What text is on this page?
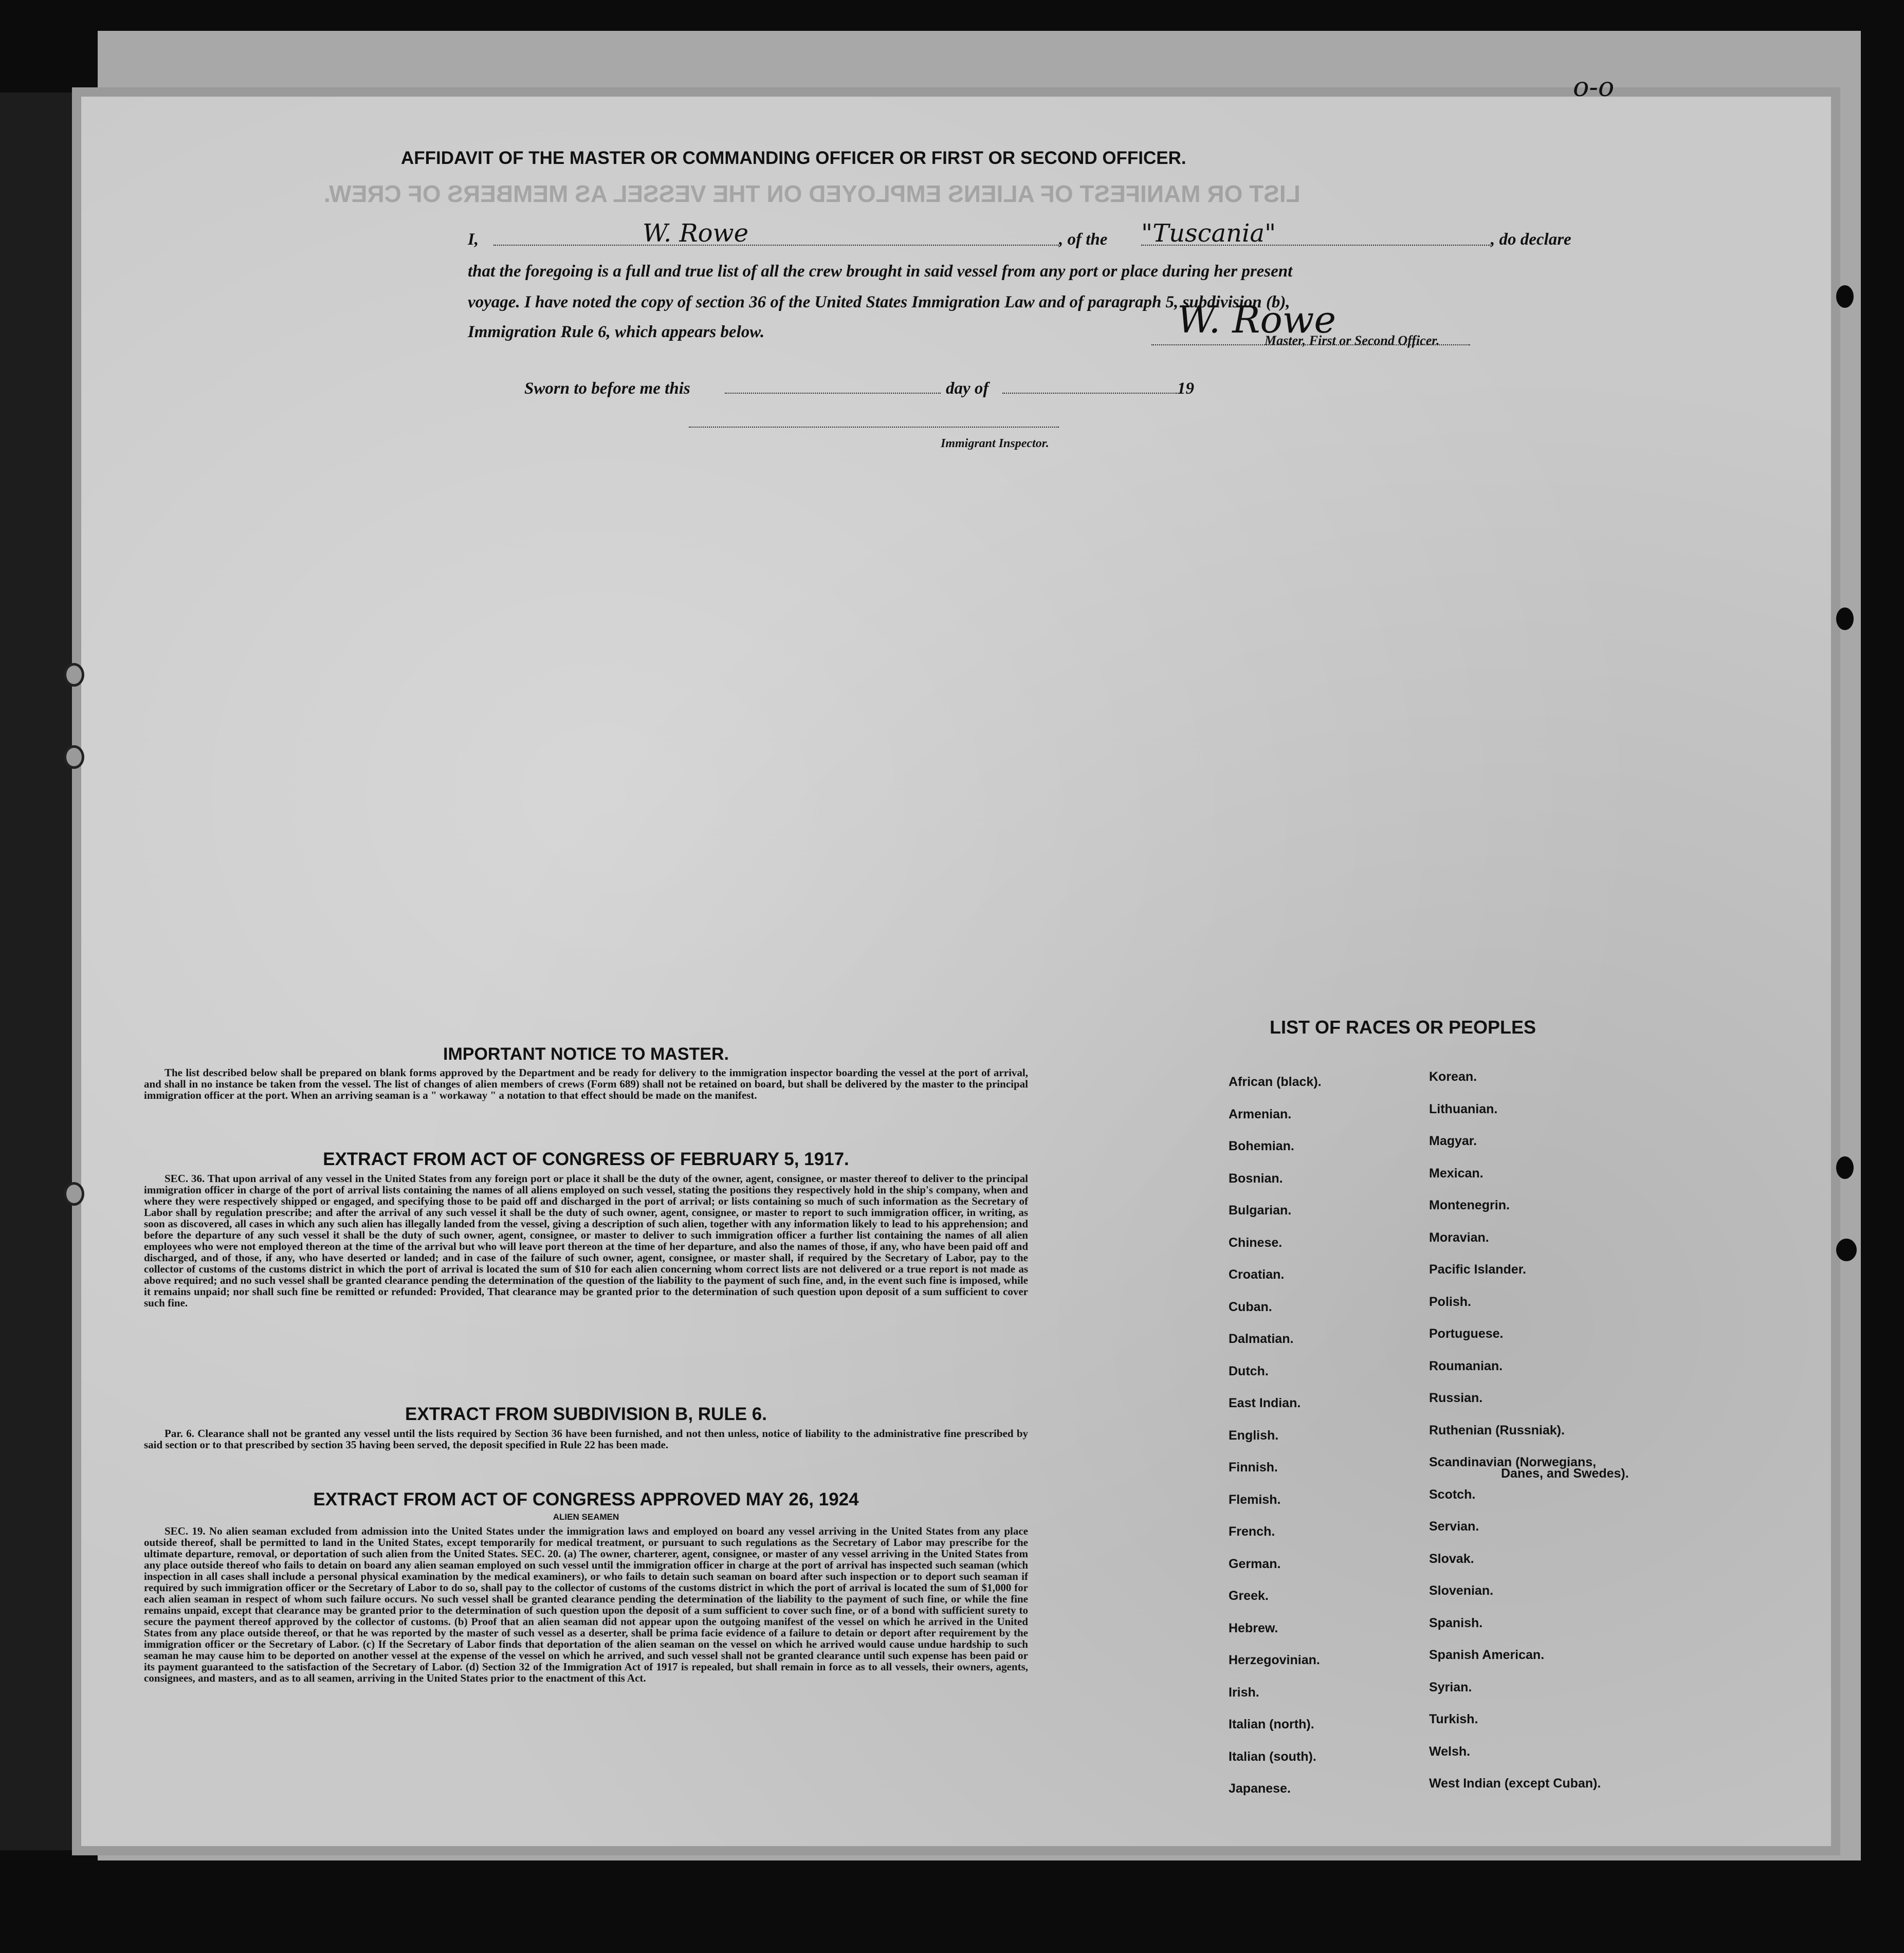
LIST OR MANIFEST OF ALIENS EMPLOYED ON THE VESSEL AS MEMBERS OF CREW.
o-o
AFFIDAVIT OF THE MASTER OR COMMANDING OFFICER OR FIRST OR SECOND OFFICER.
I,	W. Rowe	, of the "Tuscania"	, do declare
that the foregoing is a full and true list of all the crew brought in said vessel from any port or place during her present
voyage. I have noted the copy of section 36 of the United States Immigration Law and of paragraph 5, subdivision (b),
Immigration Rule 6, which appears below.	W. Rowe
Master, First or Second Officer.
Sworn to before me this	day of	19
Immigrant Inspector.
IMPORTANT NOTICE TO MASTER.
The list described below shall be prepared on blank forms approved by the Department and be ready for delivery to the immigration inspector boarding the vessel at the port of arrival, and shall in no instance be taken from the vessel. The list of changes of alien members of crews (Form 689) shall not be retained on board, but shall be delivered by the master to the principal immigration officer at the port. When an arriving seaman is a " workaway " a notation to that effect should be made on the manifest.
EXTRACT FROM ACT OF CONGRESS OF FEBRUARY 5, 1917.
SEC. 36. That upon arrival of any vessel in the United States from any foreign port or place it shall be the duty of the owner, agent, consignee, or master thereof to deliver to the principal immigration officer in charge of the port of arrival lists containing the names of all aliens employed on such vessel, stating the positions they respectively hold in the ship's company, when and where they were respectively shipped or engaged, and specifying those to be paid off and discharged in the port of arrival; or lists containing so much of such information as the Secretary of Labor shall by regulation prescribe; and after the arrival of any such vessel it shall be the duty of such owner, agent, consignee, or master to report to such immigration officer, in writing, as soon as discovered, all cases in which any such alien has illegally landed from the vessel, giving a description of such alien, together with any information likely to lead to his apprehension; and before the departure of any such vessel it shall be the duty of such owner, agent, consignee, or master to deliver to such immigration officer a further list containing the names of all alien employees who were not employed thereon at the time of the arrival but who will leave port thereon at the time of her departure, and also the names of those, if any, who have been paid off and discharged, and of those, if any, who have deserted or landed; and in case of the failure of such owner, agent, consignee, or master shall, if required by the Secretary of Labor, pay to the collector of customs of the customs district in which the port of arrival is located the sum of $10 for each alien concerning whom correct lists are not delivered or a true report is not made as above required; and no such vessel shall be granted clearance pending the determination of the question of the liability to the payment of such fine, and, in the event such fine is imposed, while it remains unpaid; nor shall such fine be remitted or refunded: Provided, That clearance may be granted prior to the determination of such question upon deposit of a sum sufficient to cover such fine.
EXTRACT FROM SUBDIVISION B, RULE 6.
Par. 6. Clearance shall not be granted any vessel until the lists required by Section 36 have been furnished, and not then unless, notice of liability to the administrative fine prescribed by said section or to that prescribed by section 35 having been served, the deposit specified in Rule 22 has been made.
EXTRACT FROM ACT OF CONGRESS APPROVED MAY 26, 1924
ALIEN SEAMEN
SEC. 19. No alien seaman excluded from admission into the United States under the immigration laws and employed on board any vessel arriving in the United States from any place outside thereof, shall be permitted to land in the United States, except temporarily for medical treatment, or pursuant to such regulations as the Secretary of Labor may prescribe for the ultimate departure, removal, or deportation of such alien from the United States. SEC. 20. (a) The owner, charterer, agent, consignee, or master of any vessel arriving in the United States from any place outside thereof who fails to detain on board any alien seaman employed on such vessel until the immigration officer in charge at the port of arrival has inspected such seaman (which inspection in all cases shall include a personal physical examination by the medical examiners), or who fails to detain such seaman on board after such inspection or to deport such seaman if required by such immigration officer or the Secretary of Labor to do so, shall pay to the collector of customs of the customs district in which the port of arrival is located the sum of $1,000 for each alien seaman in respect of whom such failure occurs. No such vessel shall be granted clearance pending the determination of the liability to the payment of such fine, or while the fine remains unpaid, except that clearance may be granted prior to the determination of such question upon the deposit of a sum sufficient to cover such fine, or of a bond with sufficient surety to secure the payment thereof approved by the collector of customs. (b) Proof that an alien seaman did not appear upon the outgoing manifest of the vessel on which he arrived in the United States from any place outside thereof, or that he was reported by the master of such vessel as a deserter, shall be prima facie evidence of a failure to detain or deport after requirement by the immigration officer or the Secretary of Labor. (c) If the Secretary of Labor finds that deportation of the alien seaman on the vessel on which he arrived would cause undue hardship to such seaman he may cause him to be deported on another vessel at the expense of the vessel on which he arrived, and such vessel shall not be granted clearance until such expense has been paid or its payment guaranteed to the satisfaction of the Secretary of Labor. (d) Section 32 of the Immigration Act of 1917 is repealed, but shall remain in force as to all vessels, their owners, agents, consignees, and masters, and as to all seamen, arriving in the United States prior to the enactment of this Act.
LIST OF RACES OR PEOPLES
African (black).
Armenian.
Bohemian.
Bosnian.
Bulgarian.
Chinese.
Croatian.
Cuban.
Dalmatian.
Dutch.
East Indian.
English.
Finnish.
Flemish.
French.
German.
Greek.
Hebrew.
Herzegovinian.
Irish.
Italian (north).
Italian (south).
Japanese.
Korean.
Lithuanian.
Magyar.
Mexican.
Montenegrin.
Moravian.
Pacific Islander.
Polish.
Portuguese.
Roumanian.
Russian.
Ruthenian (Russniak).
Scandinavian (Norwegians,
Scotch.
Servian.
Slovak.
Slovenian.
Spanish.
Spanish American.
Syrian.
Turkish.
Welsh.
West Indian (except Cuban).
Danes, and Swedes).
